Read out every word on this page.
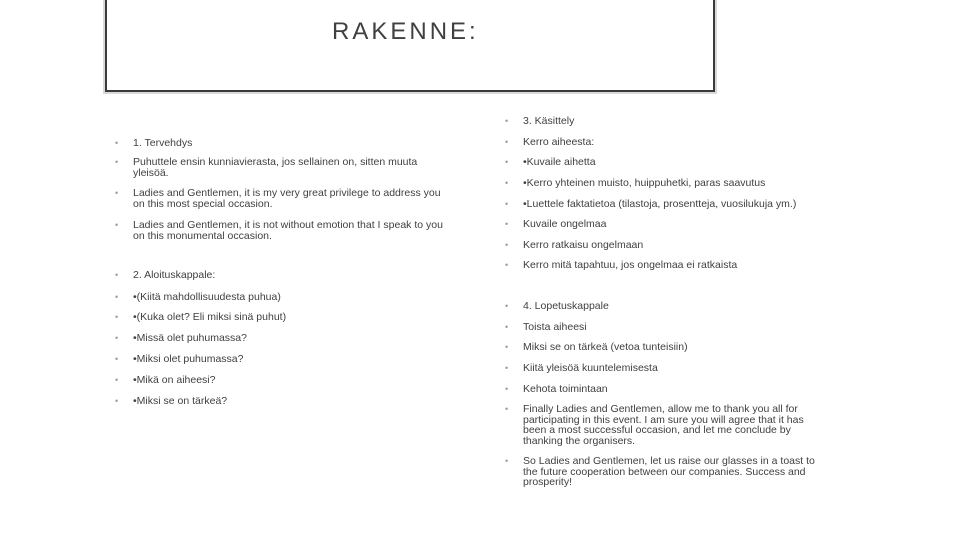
RAKENNE:
• 1. Tervehdys
• Puhuttele ensin kunniavierasta, jos sellainen on, sitten muuta yleisöä.
• Ladies and Gentlemen, it is my very great privilege to address you on this most special occasion.
• Ladies and Gentlemen, it is not without emotion that I speak to you on this monumental occasion.
• 2. Aloituskappale:
• •(Kiitä mahdollisuudesta puhua)
• •(Kuka olet? Eli miksi sinä puhut)
• •Missä olet puhumassa?
• •Miksi olet puhumassa?
• •Mikä on aiheesi?
• •Miksi se on tärkeä?
• 3. Käsittely
• Kerro aiheesta:
• •Kuvaile aihetta
• •Kerro yhteinen muisto, huippuhetki, paras saavutus
• •Luettele faktatietoa (tilastoja, prosentteja, vuosilukuja ym.)
• Kuvaile ongelmaa
• Kerro ratkaisu ongelmaan
• Kerro mitä tapahtuu, jos ongelmaa ei ratkaista
• 4. Lopetuskappale
• Toista aiheesi
• Miksi se on tärkeä (vetoa tunteisiin)
• Kiitä yleisöä kuuntelemisesta
• Kehota toimintaan
• Finally Ladies and Gentlemen, allow me to thank you all for participating in this event. I am sure you will agree that it has been a most successful occasion, and let me conclude by thanking the organisers.
• So Ladies and Gentlemen, let us raise our glasses in a toast to the future cooperation between our companies. Success and prosperity!
